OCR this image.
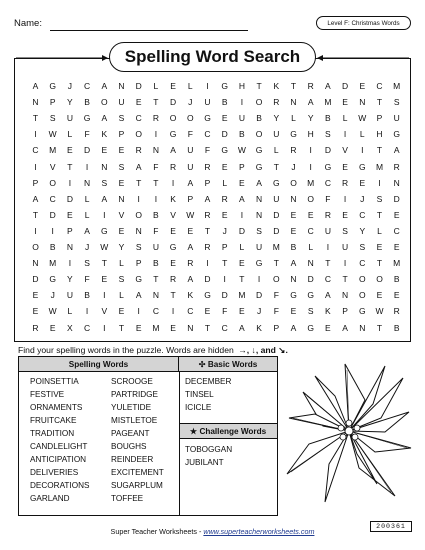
Name:	Level F: Christmas Words
Spelling Word Search
A	G	J	C	A	N	D	L	E	L	I	G	H	T	K	T	R	A	D	E	C	M
N	P	Y	B	O	U	E	T	D	J	U	B	I	O	R	N	A	M	E	N	T	S
T	S	U	G	A	S	C	R	O	O	G	E	U	B	Y	L	Y	B	L	W	P	U
I	W	L	F	K	P	O	I	G	F	C	D	B	O	U	G	H	S	I	L	H	G
C	M	E	D	E	E	R	N	A	U	F	G	W	G	L	R	I	D	V	I	T	A
I	V	T	I	N	S	A	F	R	U	R	E	P	G	T	J	I	G	E	G	M	R
P	O	I	N	S	E	T	T	I	A	P	L	E	A	G	O	M	C	R	E	I	N
A	C	D	L	A	N	I	I	K	P	A	R	A	N	U	N	O	F	I	J	S	D
T	D	E	L	I	V	O	B	V	W	R	E	I	N	D	E	E	R	E	C	T	E
I	I	P	A	G	E	N	F	E	E	T	J	D	S	D	E	C	U	S	Y	L	C
O	B	N	J	W	Y	S	U	G	A	R	P	L	U	M	B	L	I	U	S	E	E
N	M	I	S	T	L	P	B	E	R	I	T	E	G	T	A	N	T	I	C	T	M
D	G	Y	F	E	S	G	T	R	A	D	I	T	I	O	N	D	C	T	O	O	B
E	J	U	B	I	L	A	N	T	K	G	D	M	D	F	G	G	A	N	O	E	E
E	W	L	I	V	E	I	C	I	C	E	F	E	J	F	E	S	K	P	G	W	R
R	E	X	C	I	T	E	M	E	N	T	C	A	K	P	A	G	E	A	N	T	B
Find your spelling words in the puzzle. Words are hidden →, ↓, and ↘.
Spelling Words	✣ Basic Words
★ Challenge Words
POINSETTIA
FESTIVE
ORNAMENTS
FRUITCAKE
TRADITION
CANDLELIGHT
ANTICIPATION
DELIVERIES
DECORATIONS
GARLAND
SCROOGE
PARTRIDGE
YULETIDE
MISTLETOE
PAGEANT
BOUGHS
REINDEER
EXCITEMENT
SUGARPLUM
TOFFEE
DECEMBER
TINSEL
ICICLE
TOBOGGAN
JUBILANT
Super Teacher Worksheets - www.superteacherworksheets.com
200361
